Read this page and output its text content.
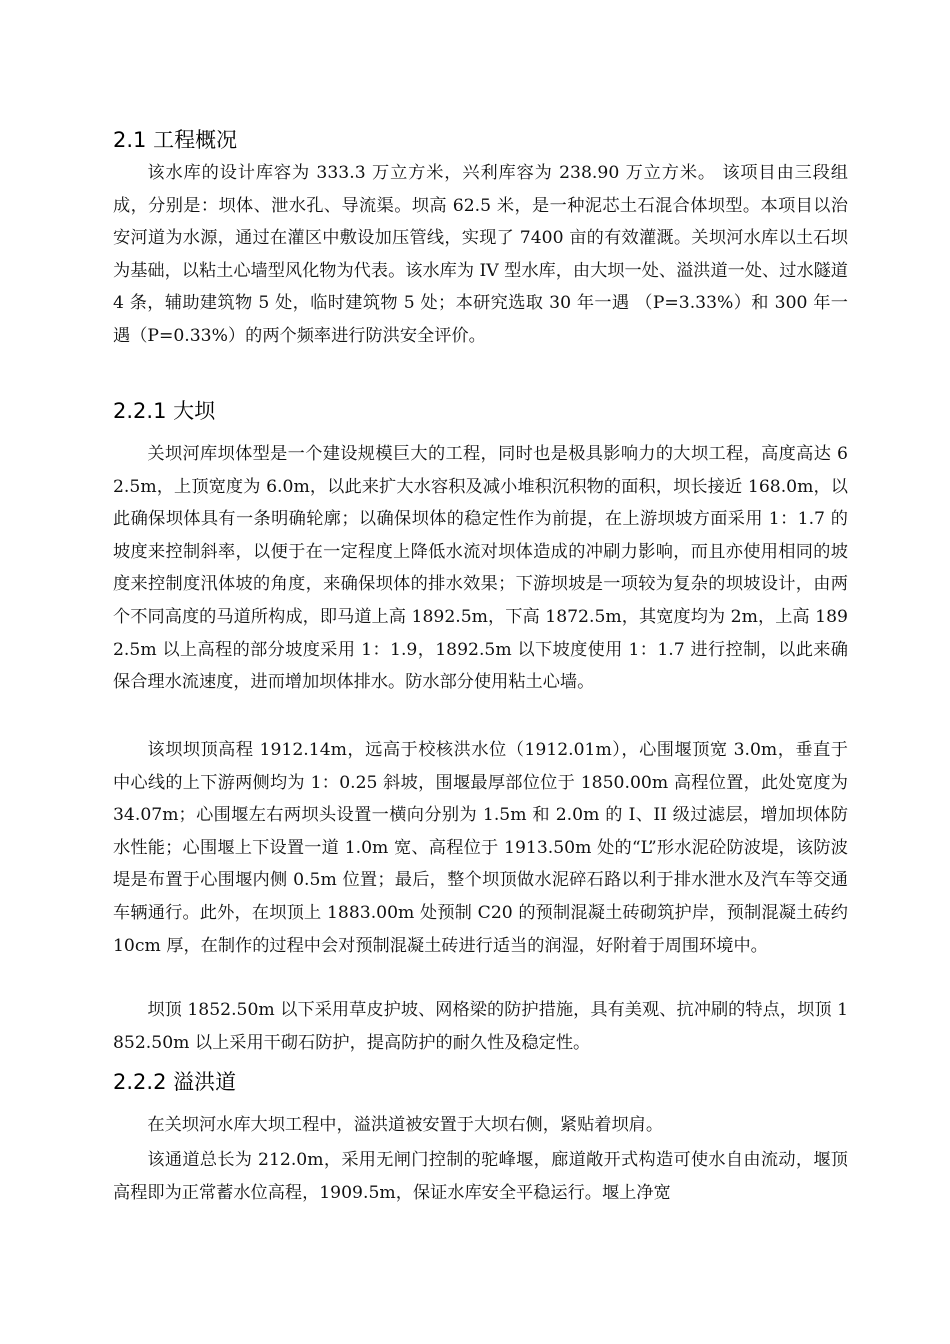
2.1 工程概况

该水库的设计库容为 333.3 万立方米，兴利库容为 238.90 万立方米。 该项目由三段组成，分别是：坝体、泄水孔、导流渠。坝高 62.5 米，是一种泥芯土石混合体坝型。本项目以治安河道为水源，通过在灌区中敷设加压管线，实现了 7400 亩的有效灌溉。关坝河水库以土石坝为基础，以粘土心墙型风化物为代表。该水库为 IV 型水库，由大坝一处、溢洪道一处、过水隧道 4 条，辅助建筑物 5 处，临时建筑物 5 处；本研究选取 30 年一遇 （P=3.33%）和 300 年一遇（P=0.33%）的两个频率进行防洪安全评价。

2.2.1 大坝

关坝河库坝体型是一个建设规模巨大的工程，同时也是极具影响力的大坝工程，高度高达 62.5m，上顶宽度为 6.0m，以此来扩大水容积及减小堆积沉积物的面积，坝长接近 168.0m，以此确保坝体具有一条明确轮廓；以确保坝体的稳定性作为前提，在上游坝坡方面采用 1：1.7 的坡度来控制斜率，以便于在一定程度上降低水流对坝体造成的冲刷力影响，而且亦使用相同的坡度来控制度汛体坡的角度，来确保坝体的排水效果；下游坝坡是一项较为复杂的坝坡设计，由两个不同高度的马道所构成，即马道上高 1892.5m，下高 1872.5m，其宽度均为 2m，上高 1892.5m 以上高程的部分坡度采用 1：1.9，1892.5m 以下坡度使用 1：1.7 进行控制，以此来确保合理水流速度，进而增加坝体排水。防水部分使用粘土心墙。

该坝坝顶高程 1912.14m，远高于校核洪水位（1912.01m），心围堰顶宽 3.0m，垂直于中心线的上下游两侧均为 1：0.25 斜坡，围堰最厚部位位于 1850.00m 高程位置，此处宽度为 34.07m；心围堰左右两坝头设置一横向分别为 1.5m 和 2.0m 的 I、II 级过滤层，增加坝体防水性能；心围堰上下设置一道 1.0m 宽、高程位于 1913.50m 处的“L”形水泥砼防波堤，该防波堤是布置于心围堰内侧 0.5m 位置；最后，整个坝顶做水泥碎石路以利于排水泄水及汽车等交通车辆通行。此外，在坝顶上 1883.00m 处预制 C20 的预制混凝土砖砌筑护岸，预制混凝土砖约 10cm 厚，在制作的过程中会对预制混凝土砖进行适当的润湿，好附着于周围环境中。

坝顶 1852.50m 以下采用草皮护坡、网格梁的防护措施，具有美观、抗冲刷的特点，坝顶 1852.50m 以上采用干砌石防护，提高防护的耐久性及稳定性。

2.2.2 溢洪道

在关坝河水库大坝工程中，溢洪道被安置于大坝右侧，紧贴着坝肩。

该通道总长为 212.0m，采用无闸门控制的驼峰堰，廊道敞开式构造可使水自由流动，堰顶高程即为正常蓄水位高程，1909.5m，保证水库安全平稳运行。堰上净宽
